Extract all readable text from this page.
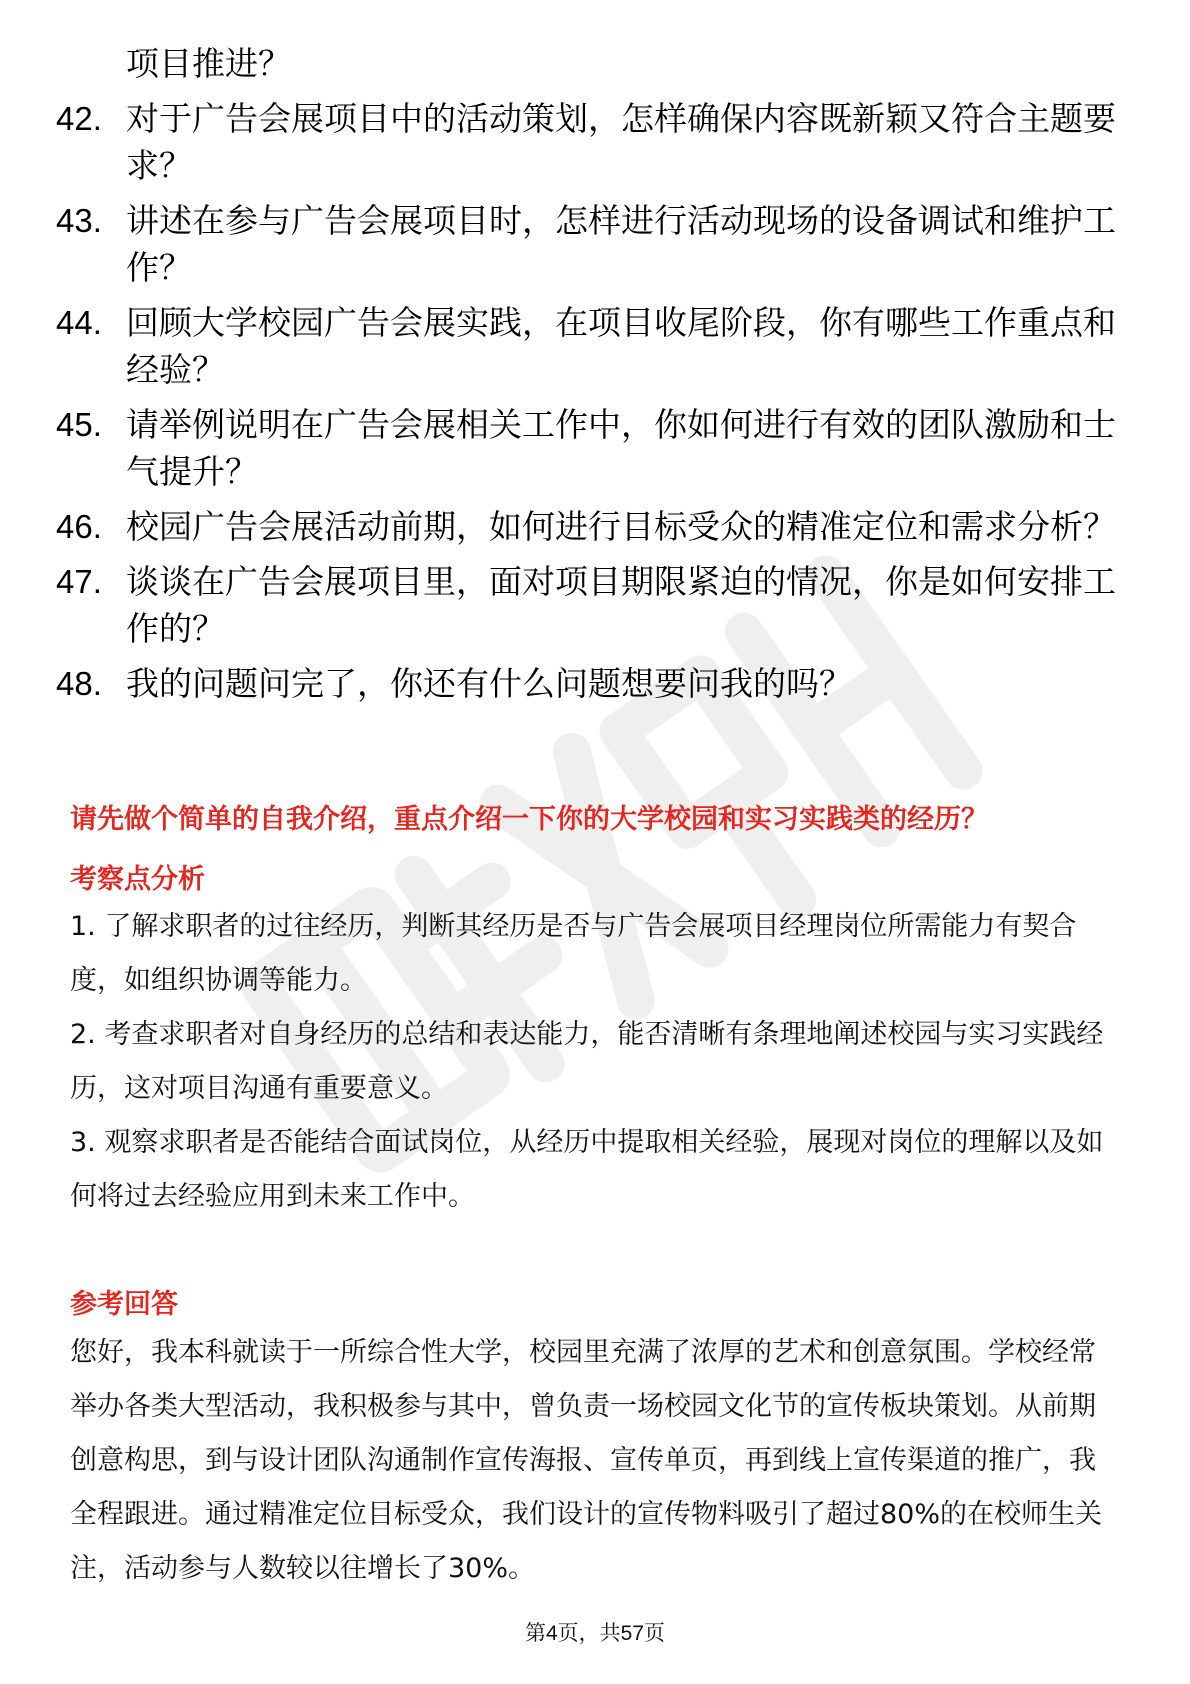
项目推进？
42. 对于广告会展项目中的活动策划，怎样确保内容既新颖又符合主题要求？
43. 讲述在参与广告会展项目时，怎样进行活动现场的设备调试和维护工作？
44. 回顾大学校园广告会展实践，在项目收尾阶段，你有哪些工作重点和经验？
45. 请举例说明在广告会展相关工作中，你如何进行有效的团队激励和士气提升？
46. 校园广告会展活动前期，如何进行目标受众的精准定位和需求分析？
47. 谈谈在广告会展项目里，面对项目期限紧迫的情况，你是如何安排工作的？
48. 我的问题问完了，你还有什么问题想要问我的吗？
请先做个简单的自我介绍，重点介绍一下你的大学校园和实习实践类的经历？
考察点分析
1. 了解求职者的过往经历，判断其经历是否与广告会展项目经理岗位所需能力有契合度，如组织协调等能力。
2. 考查求职者对自身经历的总结和表达能力，能否清晰有条理地阐述校园与实习实践经历，这对项目沟通有重要意义。
3. 观察求职者是否能结合面试岗位，从经历中提取相关经验，展现对岗位的理解以及如何将过去经验应用到未来工作中。
参考回答
您好，我本科就读于一所综合性大学，校园里充满了浓厚的艺术和创意氛围。学校经常举办各类大型活动，我积极参与其中，曾负责一场校园文化节的宣传板块策划。从前期创意构思，到与设计团队沟通制作宣传海报、宣传单页，再到线上宣传渠道的推广，我全程跟进。通过精准定位目标受众，我们设计的宣传物料吸引了超过80%的在校师生关注，活动参与人数较以往增长了30%。
第4页，共57页
